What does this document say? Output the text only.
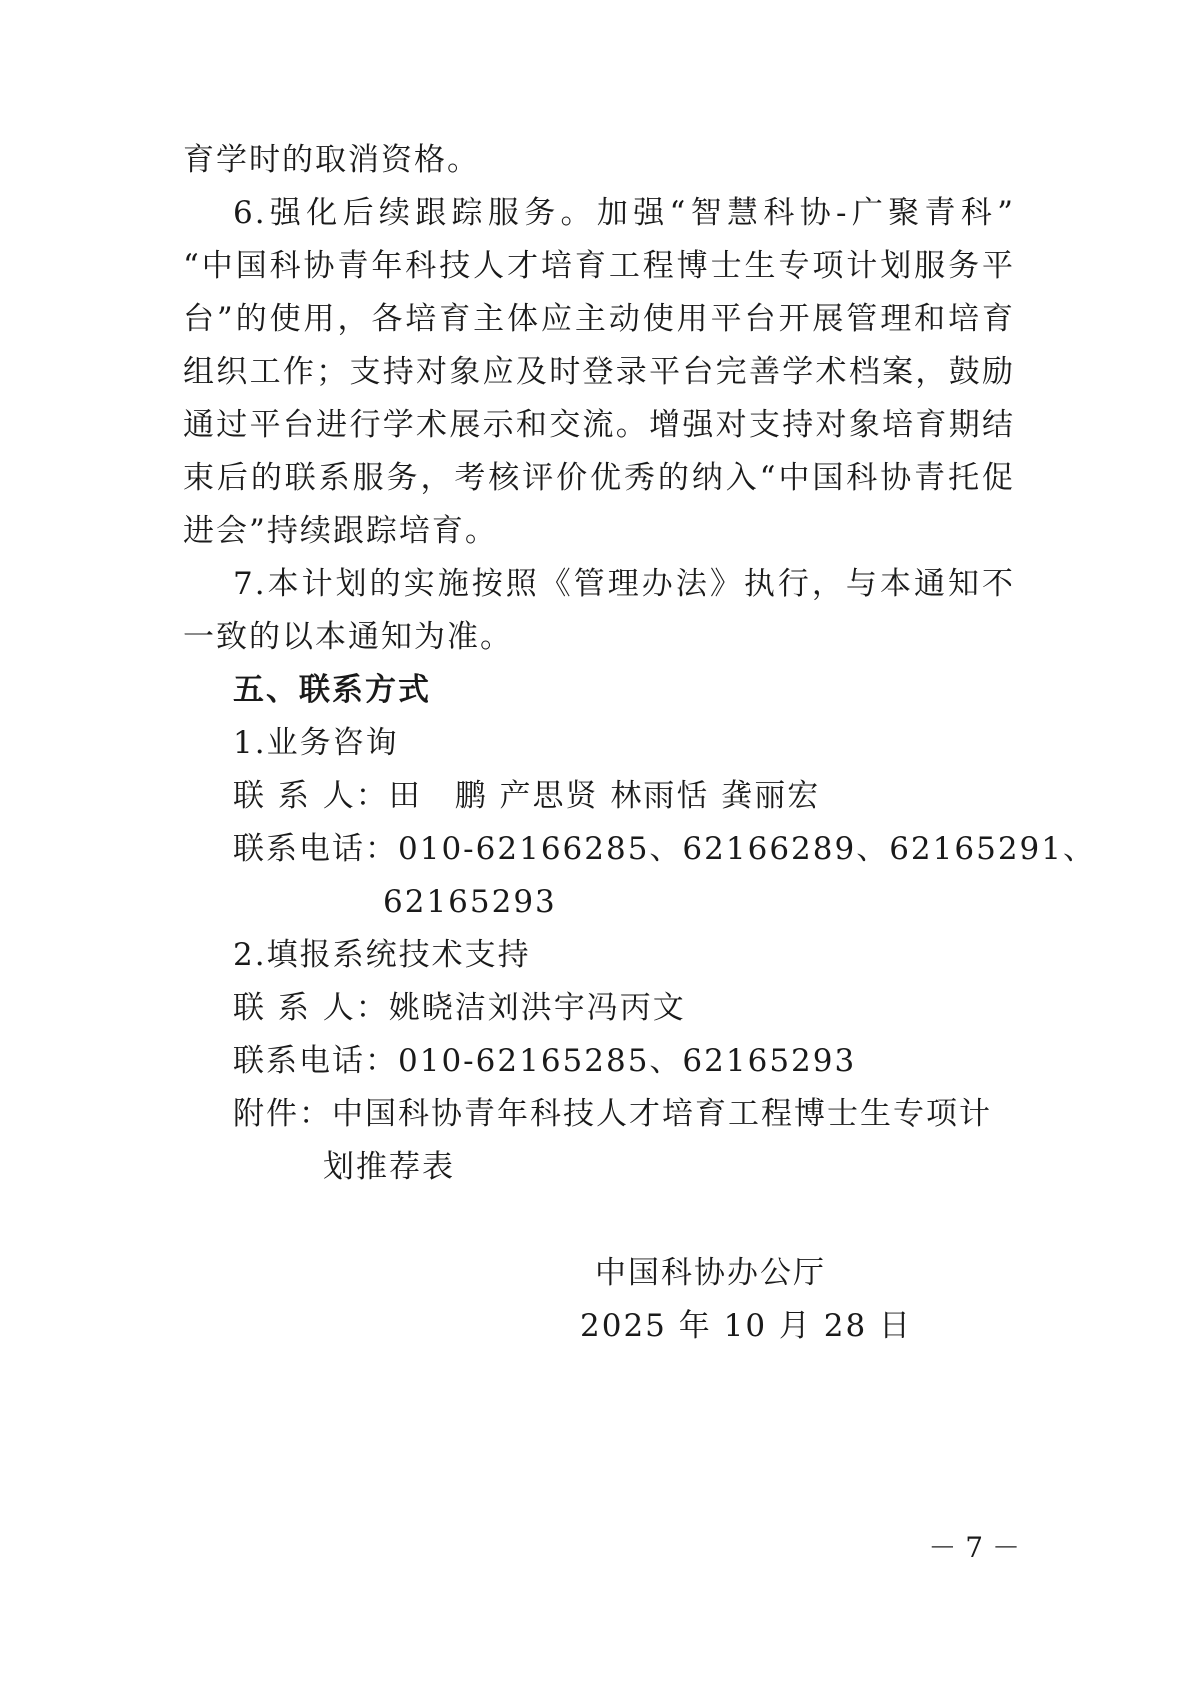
育学时的取消资格。
6.强化后续跟踪服务。加强“智慧科协-广聚青科”
“中国科协青年科技人才培育工程博士生专项计划服务平
台”的使用，各培育主体应主动使用平台开展管理和培育
组织工作；支持对象应及时登录平台完善学术档案，鼓励
通过平台进行学术展示和交流。增强对支持对象培育期结
束后的联系服务，考核评价优秀的纳入“中国科协青托促
进会”持续跟踪培育。
7.本计划的实施按照《管理办法》执行，与本通知不
一致的以本通知为准。
五、联系方式
1.业务咨询
联 系 人：田　鹏 产思贤 林雨恬 龚丽宏
联系电话：010-62166285、62166289、62165291、
62165293
2.填报系统技术支持
联 系 人：姚晓洁刘洪宇冯丙文
联系电话：010-62165285、62165293
附件：中国科协青年科技人才培育工程博士生专项计
划推荐表
中国科协办公厅
2025 年 10 月 28 日
－ 7 －
